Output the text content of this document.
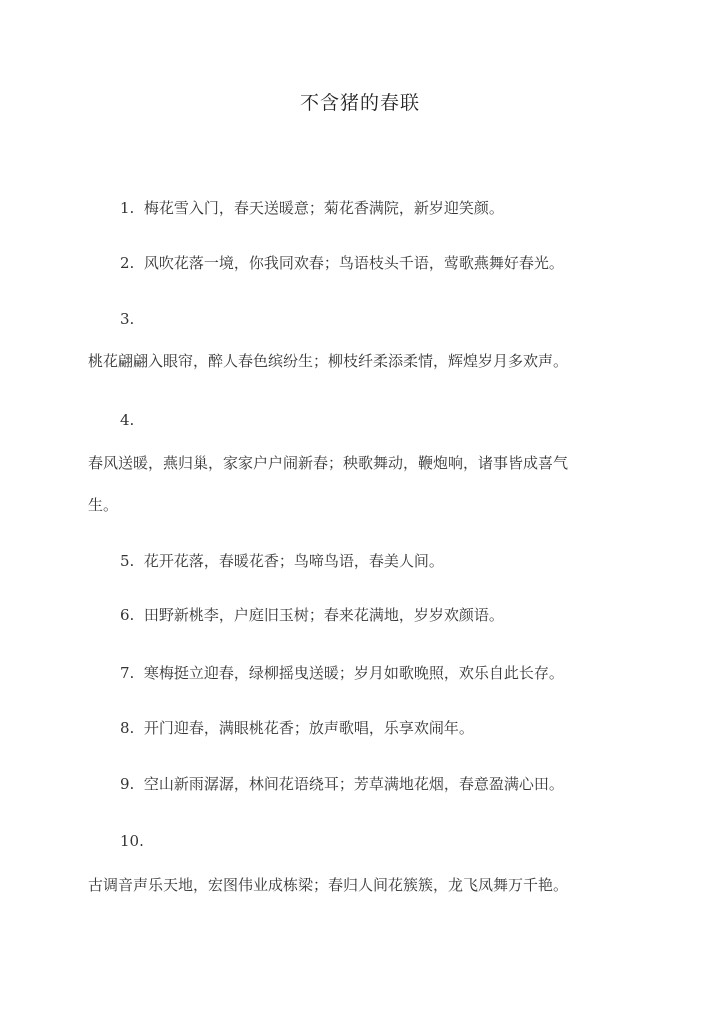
不含猪的春联
1. 梅花雪入门，春天送暖意；菊花香满院，新岁迎笑颜。
2. 风吹花落一境，你我同欢春；鸟语枝头千语，莺歌燕舞好春光。
3.
桃花翩翩入眼帘，醉人春色缤纷生；柳枝纤柔添柔情，辉煌岁月多欢声。
4.
春风送暖，燕归巢，家家户户闹新春；秧歌舞动，鞭炮响，诸事皆成喜气
生。
5. 花开花落，春暖花香；鸟啼鸟语，春美人间。
6. 田野新桃李，户庭旧玉树；春来花满地，岁岁欢颜语。
7. 寒梅挺立迎春，绿柳摇曳送暖；岁月如歌晚照，欢乐自此长存。
8. 开门迎春，满眼桃花香；放声歌唱，乐享欢闹年。
9. 空山新雨潺潺，林间花语绕耳；芳草满地花烟，春意盈满心田。
10.
古调音声乐天地，宏图伟业成栋梁；春归人间花簇簇，龙飞凤舞万千艳。
